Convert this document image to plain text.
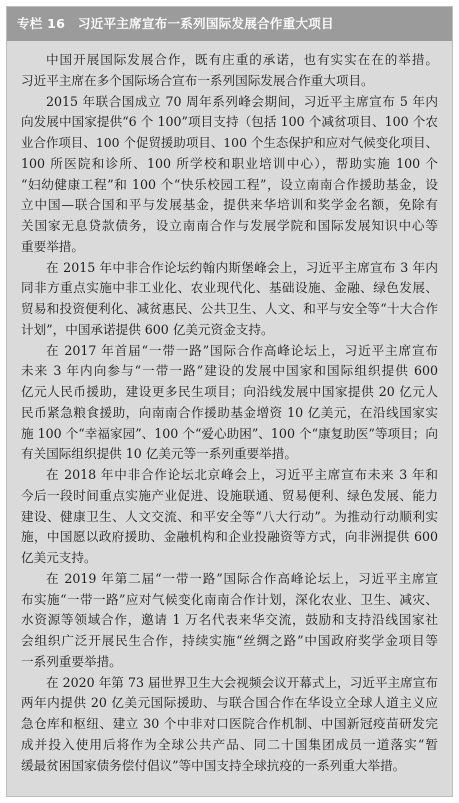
专栏 16　习近平主席宣布一系列国际发展合作重大项目

中国开展国际发展合作，既有庄重的承诺，也有实实在在的举措。
习近平主席在多个国际场合宣布一系列国际发展合作重大项目。

2015 年联合国成立 70 周年系列峰会期间，习近平主席宣布 5 年内
向发展中国家提供“6 个 100”项目支持（包括 100 个减贫项目、100 个农
业合作项目、100 个促贸援助项目、100 个生态保护和应对气候变化项目、
100 所医院和诊所、100 所学校和职业培训中心），帮助实施 100 个
“妇幼健康工程”和 100 个“快乐校园工程”，设立南南合作援助基金，设
立中国—联合国和平与发展基金，提供来华培训和奖学金名额，免除有
关国家无息贷款债务，设立南南合作与发展学院和国际发展知识中心等
重要举措。

在 2015 年中非合作论坛约翰内斯堡峰会上，习近平主席宣布 3 年内
同非方重点实施中非工业化、农业现代化、基础设施、金融、绿色发展、
贸易和投资便利化、减贫惠民、公共卫生、人文、和平与安全等“十大合作
计划”，中国承诺提供 600 亿美元资金支持。

在 2017 年首届“一带一路”国际合作高峰论坛上，习近平主席宣布
未来 3 年内向参与“一带一路”建设的发展中国家和国际组织提供 600
亿元人民币援助，建设更多民生项目；向沿线发展中国家提供 20 亿元人
民币紧急粮食援助，向南南合作援助基金增资 10 亿美元，在沿线国家实
施 100 个“幸福家园”、100 个“爱心助困”、100 个“康复助医”等项目；向
有关国际组织提供 10 亿美元等一系列重要举措。

在 2018 年中非合作论坛北京峰会上，习近平主席宣布未来 3 年和
今后一段时间重点实施产业促进、设施联通、贸易便利、绿色发展、能力
建设、健康卫生、人文交流、和平安全等“八大行动”。为推动行动顺利实
施，中国愿以政府援助、金融机构和企业投融资等方式，向非洲提供 600
亿美元支持。

在 2019 年第二届“一带一路”国际合作高峰论坛上，习近平主席宣
布实施“一带一路”应对气候变化南南合作计划，深化农业、卫生、减灾、
水资源等领域合作，邀请 1 万名代表来华交流，鼓励和支持沿线国家社
会组织广泛开展民生合作，持续实施“丝绸之路”中国政府奖学金项目等
一系列重要举措。

在 2020 年第 73 届世界卫生大会视频会议开幕式上，习近平主席宣布
两年内提供 20 亿美元国际援助、与联合国合作在华设立全球人道主义应
急仓库和枢纽、建立 30 个中非对口医院合作机制、中国新冠疫苗研发完
成并投入使用后将作为全球公共产品、同二十国集团成员一道落实“暂
缓最贫困国家债务偿付倡议”等中国支持全球抗疫的一系列重大举措。
